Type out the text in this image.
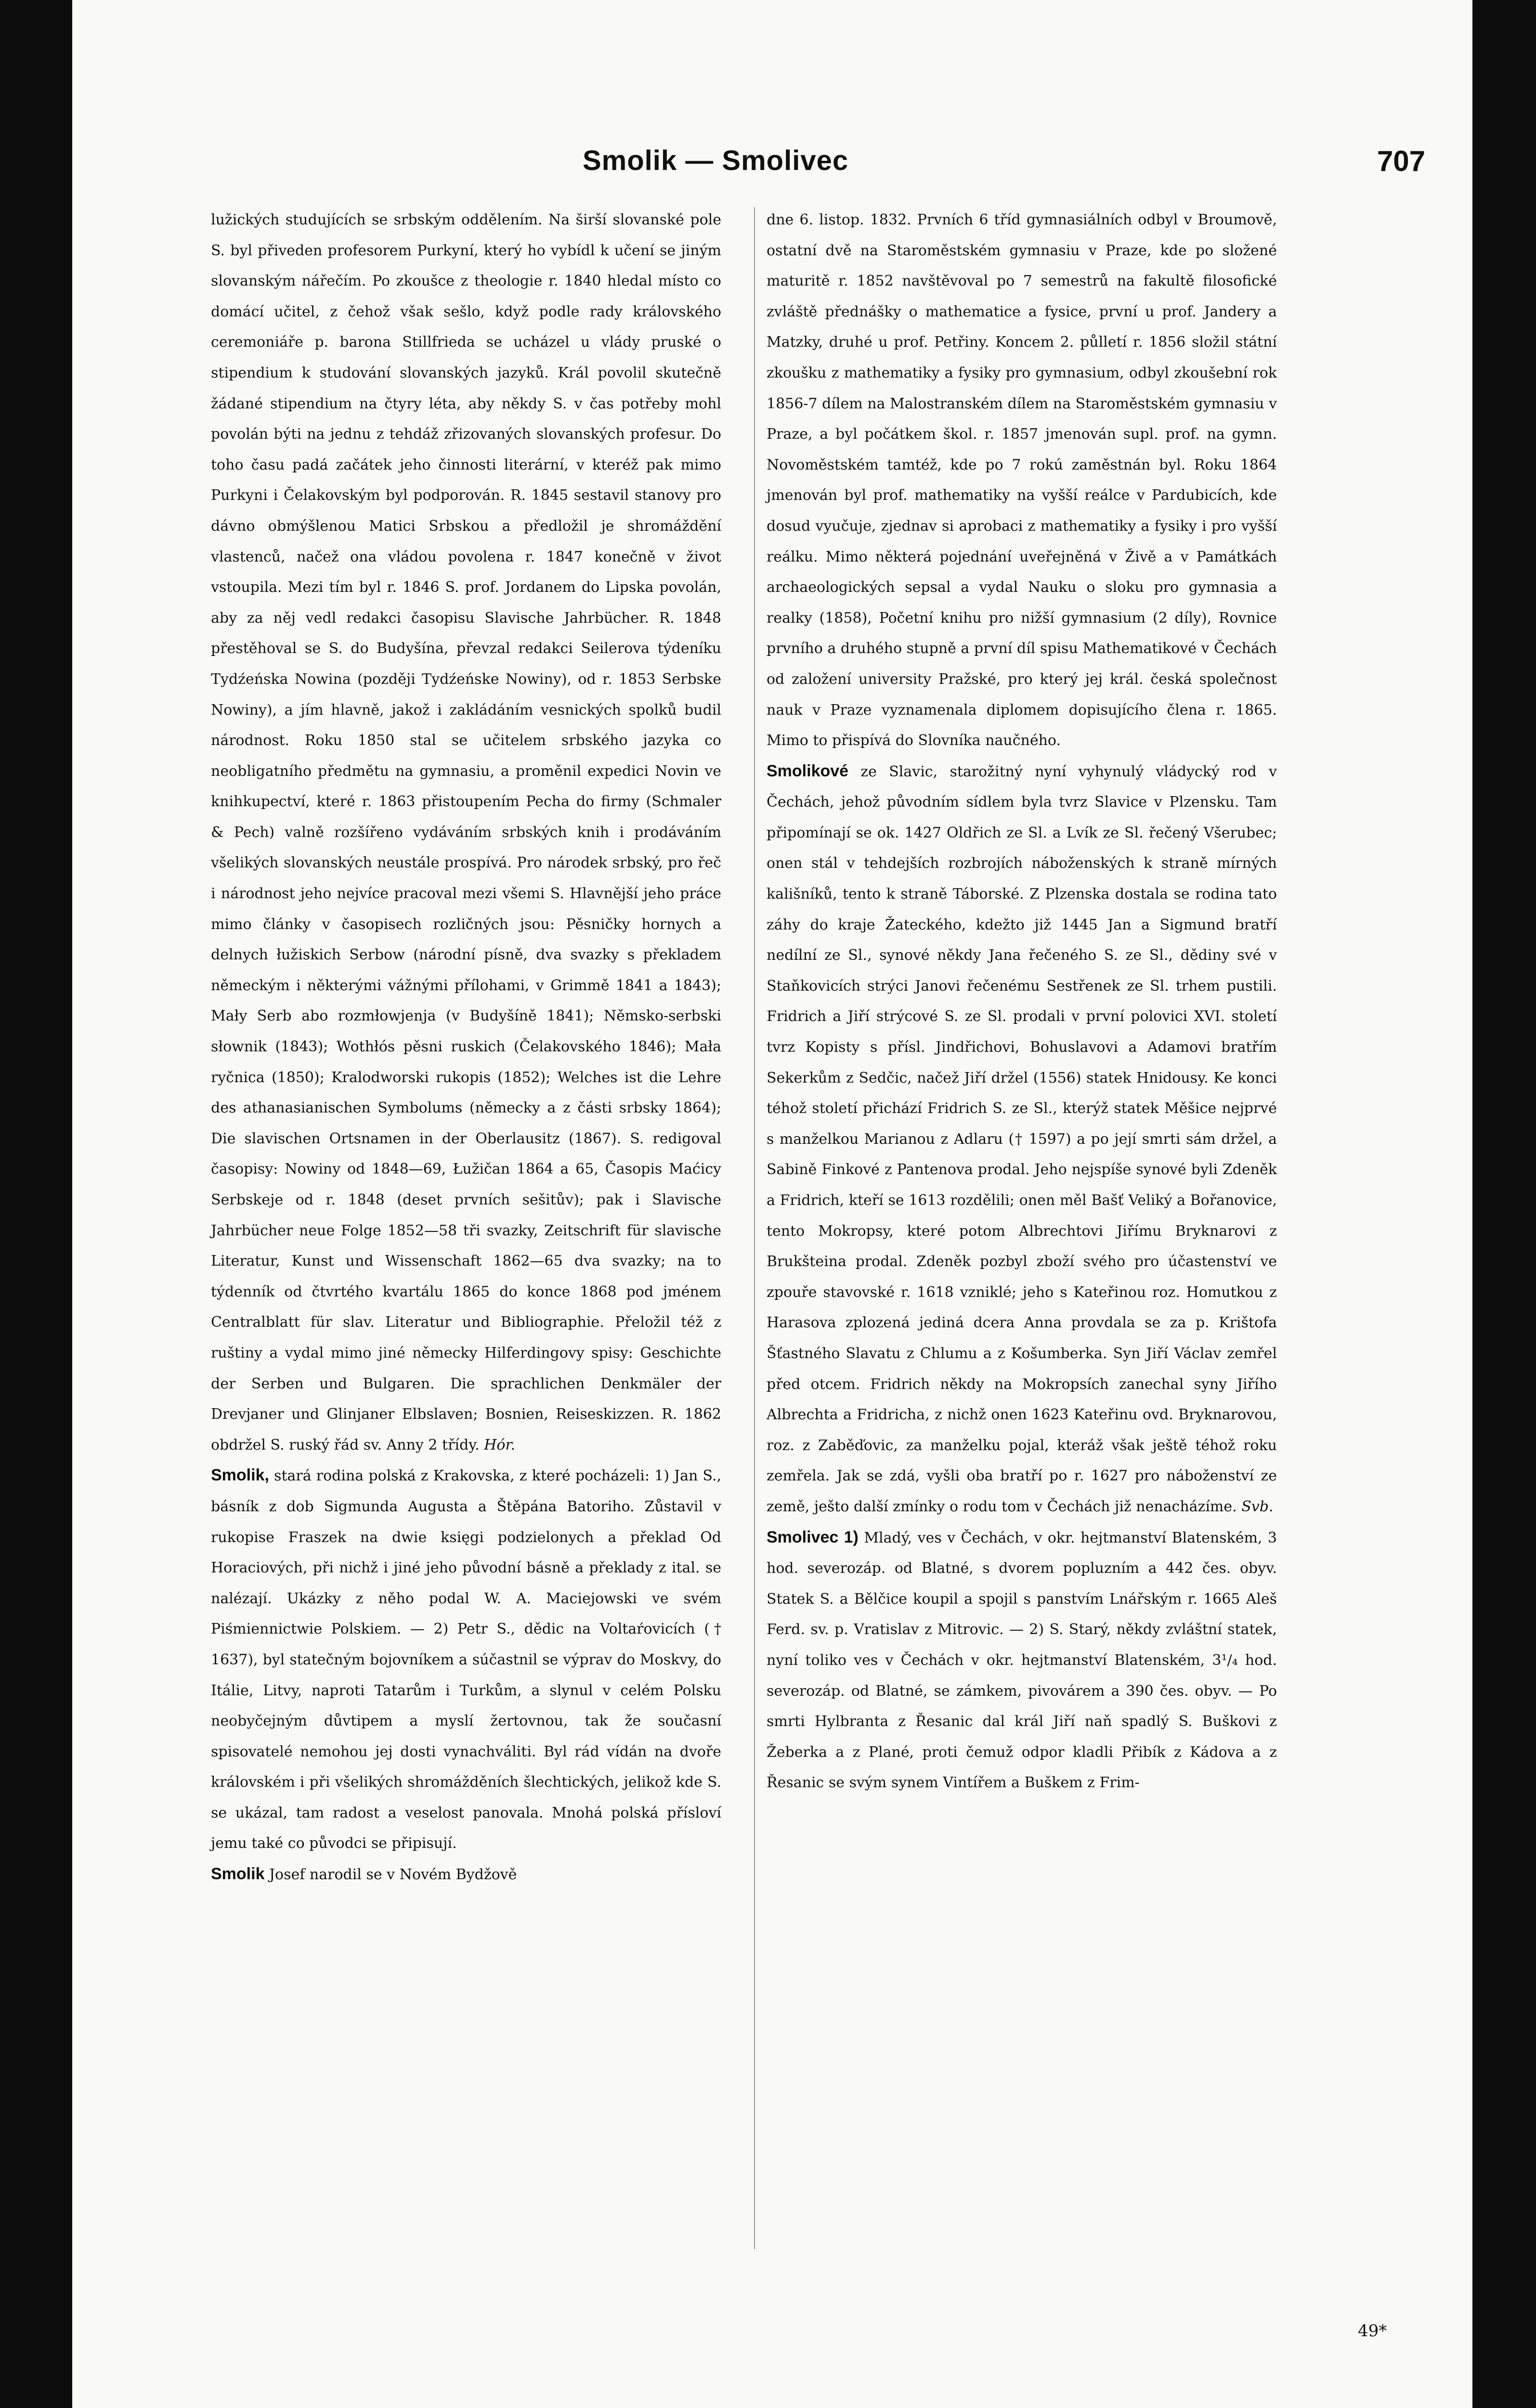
Smolik — Smolivec	707

lužických studujících se srbským oddělením. Na širší slovanské pole S. byl přiveden profesorem Purkyní, který ho vybídl k učení se jiným slovanským nářečím. Po zkoušce z theologie r. 1840 hledal místo co domácí učitel, z čehož však sešlo, když podle rady královského ceremoniáře p. barona Stillfrieda se ucházel u vlády pruské o stipendium k studování slovanských jazyků. Král povolil skutečně žádané stipendium na čtyry léta, aby někdy S. v čas potřeby mohl povolán býti na jednu z tehdáž zřizovaných slovanských profesur. Do toho času padá začátek jeho činnosti literární, v kteréž pak mimo Purkyni i Čelakovským byl podporován. R. 1845 sestavil stanovy pro dávno obmýšlenou Matici Srbskou a předložil je shromáždění vlastenců, načež ona vládou povolena r. 1847 konečně v život vstoupila. Mezi tím byl r. 1846 S. prof. Jordanem do Lipska povolán, aby za něj vedl redakci časopisu Slavische Jahrbücher. R. 1848 přestěhoval se S. do Budyšína, převzal redakci Seilerova týdeníku Tydźeńska Nowina (později Tydźeńske Nowiny), od r. 1853 Serbske Nowiny), a jím hlavně, jakož i zakládáním vesnických spolků budil národnost. Roku 1850 stal se učitelem srbského jazyka co neobligatního předmětu na gymnasiu, a proměnil expedici Novin ve knihkupectví, které r. 1863 přistoupením Pecha do firmy (Schmaler & Pech) valně rozšířeno vydáváním srbských knih i prodáváním všelikých slovanských neustále prospívá. Pro národek srbský, pro řeč i národnost jeho nejvíce pracoval mezi všemi S. Hlavnější jeho práce mimo články v časopisech rozličných jsou: Pěsničky hornych a delnych łužiskich Serbow (národní písně, dva svazky s překladem německým i některými vážnými přílohami, v Grimmě 1841 a 1843); Mały Serb abo rozmłowjenja (v Budyšíně 1841); Němsko-serbski słownik (1843); Wothłós pěsni ruskich (Čelakovského 1846); Mała ryčnica (1850); Kralodworski rukopis (1852); Welches ist die Lehre des athanasianischen Symbolums (německy a z části srbsky 1864); Die slavischen Ortsnamen in der Oberlausitz (1867). S. redigoval časopisy: Nowiny od 1848—69, Łužičan 1864 a 65, Časopis Maćicy Serbskeje od r. 1848 (deset prvních sešitův); pak i Slavische Jahrbücher neue Folge 1852—58 tři svazky, Zeitschrift für slavische Literatur, Kunst und Wissenschaft 1862—65 dva svazky; na to týdenník od čtvrtého kvartálu 1865 do konce 1868 pod jménem Centralblatt für slav. Literatur und Bibliographie. Přeložil též z ruštiny a vydal mimo jiné německy Hilferdingovy spisy: Geschichte der Serben und Bulgaren. Die sprachlichen Denkmäler der Drevjaner und Glinjaner Elbslaven; Bosnien, Reiseskizzen. R. 1862 obdržel S. ruský řád sv. Anny 2 třídy. Hór.

Smolik, stará rodina polská z Krakovska, z které pocházeli: 1) Jan S., básník z dob Sigmunda Augusta a Štěpána Batoriho. Zůstavil v rukopise Fraszek na dwie księgi podzielonych a překlad Od Horaciových, při nichž i jiné jeho původní básně a překlady z ital. se nalézají. Ukázky z něho podal W. A. Maciejowski ve svém Piśmiennictwie Polskiem. — 2) Petr S., dědic na Voltaŕovicích († 1637), byl statečným bojovníkem a súčastnil se výprav do Moskvy, do Itálie, Litvy, naproti Tatarům i Turkům, a slynul v celém Polsku neobyčejným důvtipem a myslí žertovnou, tak že současní spisovatelé nemohou jej dosti vynachváliti. Byl rád vídán na dvoře královském i při všelikých shromážděních šlechtických, jelikož kde S. se ukázal, tam radost a veselost panovala. Mnohá polská přísloví jemu také co původci se připisují.

Smolik Josef narodil se v Novém Bydžově

dne 6. listop. 1832. Prvních 6 tříd gymnasiálních odbyl v Broumově, ostatní dvě na Staroměstském gymnasiu v Praze, kde po složené maturitě r. 1852 navštěvoval po 7 semestrů na fakultě filosofické zvláště přednášky o mathematice a fysice, první u prof. Jandery a Matzky, druhé u prof. Petřiny. Koncem 2. půlletí r. 1856 složil státní zkoušku z mathematiky a fysiky pro gymnasium, odbyl zkoušební rok 1856-7 dílem na Malostranském dílem na Staroměstském gymnasiu v Praze, a byl počátkem škol. r. 1857 jmenován supl. prof. na gymn. Novoměstském tamtéž, kde po 7 rokú zaměstnán byl. Roku 1864 jmenován byl prof. mathematiky na vyšší reálce v Pardubicích, kde dosud vyučuje, zjednav si aprobaci z mathematiky a fysiky i pro vyšší reálku. Mimo některá pojednání uveřejněná v Živě a v Památkách archaeologických sepsal a vydal Nauku o sloku pro gymnasia a realky (1858), Početní knihu pro nižší gymnasium (2 díly), Rovnice prvního a druhého stupně a první díl spisu Mathematikové v Čechách od založení university Pražské, pro který jej král. česká společnost nauk v Praze vyznamenala diplomem dopisujícího člena r. 1865. Mimo to přispívá do Slovníka naučného.

Smolikové ze Slavic, starožitný nyní vyhynulý vládycký rod v Čechách, jehož původním sídlem byla tvrz Slavice v Plzensku. Tam připomínají se ok. 1427 Oldřich ze Sl. a Lvík ze Sl. řečený Všerubec; onen stál v tehdejších rozbrojích náboženských k straně mírných kališníků, tento k straně Táborské. Z Plzenska dostala se rodina tato záhy do kraje Žateckého, kdežto již 1445 Jan a Sigmund bratří nedílní ze Sl., synové někdy Jana řečeného S. ze Sl., dědiny své v Staňkovicích strýci Janovi řečenému Sestřenek ze Sl. trhem pustili. Fridrich a Jiří strýcové S. ze Sl. prodali v první polovici XVI. století tvrz Kopisty s přísl. Jindřichovi, Bohuslavovi a Adamovi bratřím Sekerkům z Sedčic, načež Jiří držel (1556) statek Hnidousy. Ke konci téhož století přichází Fridrich S. ze Sl., kterýž statek Měšice nejprvé s manželkou Marianou z Adlaru († 1597) a po její smrti sám držel, a Sabině Finkové z Pantenova prodal. Jeho nejspíše synové byli Zdeněk a Fridrich, kteří se 1613 rozdělili; onen měl Bašť Veliký a Bořanovice, tento Mokropsy, které potom Albrechtovi Jiřímu Bryknarovi z Brukšteina prodal. Zdeněk pozbyl zboží svého pro účastenství ve zpouře stavovské r. 1618 vzniklé; jeho s Kateřinou roz. Homutkou z Harasova zplozená jediná dcera Anna provdala se za p. Krištofa Šťastného Slavatu z Chlumu a z Košumberka. Syn Jiří Václav zemřel před otcem. Fridrich někdy na Mokropsích zanechal syny Jiřího Albrechta a Fridricha, z nichž onen 1623 Kateřinu ovd. Bryknarovou, roz. z Zaběďovic, za manželku pojal, kteráž však ještě téhož roku zemřela. Jak se zdá, vyšli oba bratří po r. 1627 pro náboženství ze země, ješto další zmínky o rodu tom v Čechách již nenacházíme. Svb.

Smolivec 1) Mladý, ves v Čechách, v okr. hejtmanství Blatenském, 3 hod. severozáp. od Blatné, s dvorem popluzním a 442 čes. obyv. Statek S. a Bělčice koupil a spojil s panstvím Lnářským r. 1665 Aleš Ferd. sv. p. Vratislav z Mitrovic. — 2) S. Starý, někdy zvláštní statek, nyní toliko ves v Čechách v okr. hejtmanství Blatenském, 3¹/₄ hod. severozáp. od Blatné, se zámkem, pivovárem a 390 čes. obyv. — Po smrti Hylbranta z Řesanic dal král Jiří naň spadlý S. Buškovi z Žeberka a z Plané, proti čemuž odpor kladli Přibík z Kádova a z Řesanic se svým synem Vintířem a Buškem z Frim-

49*
